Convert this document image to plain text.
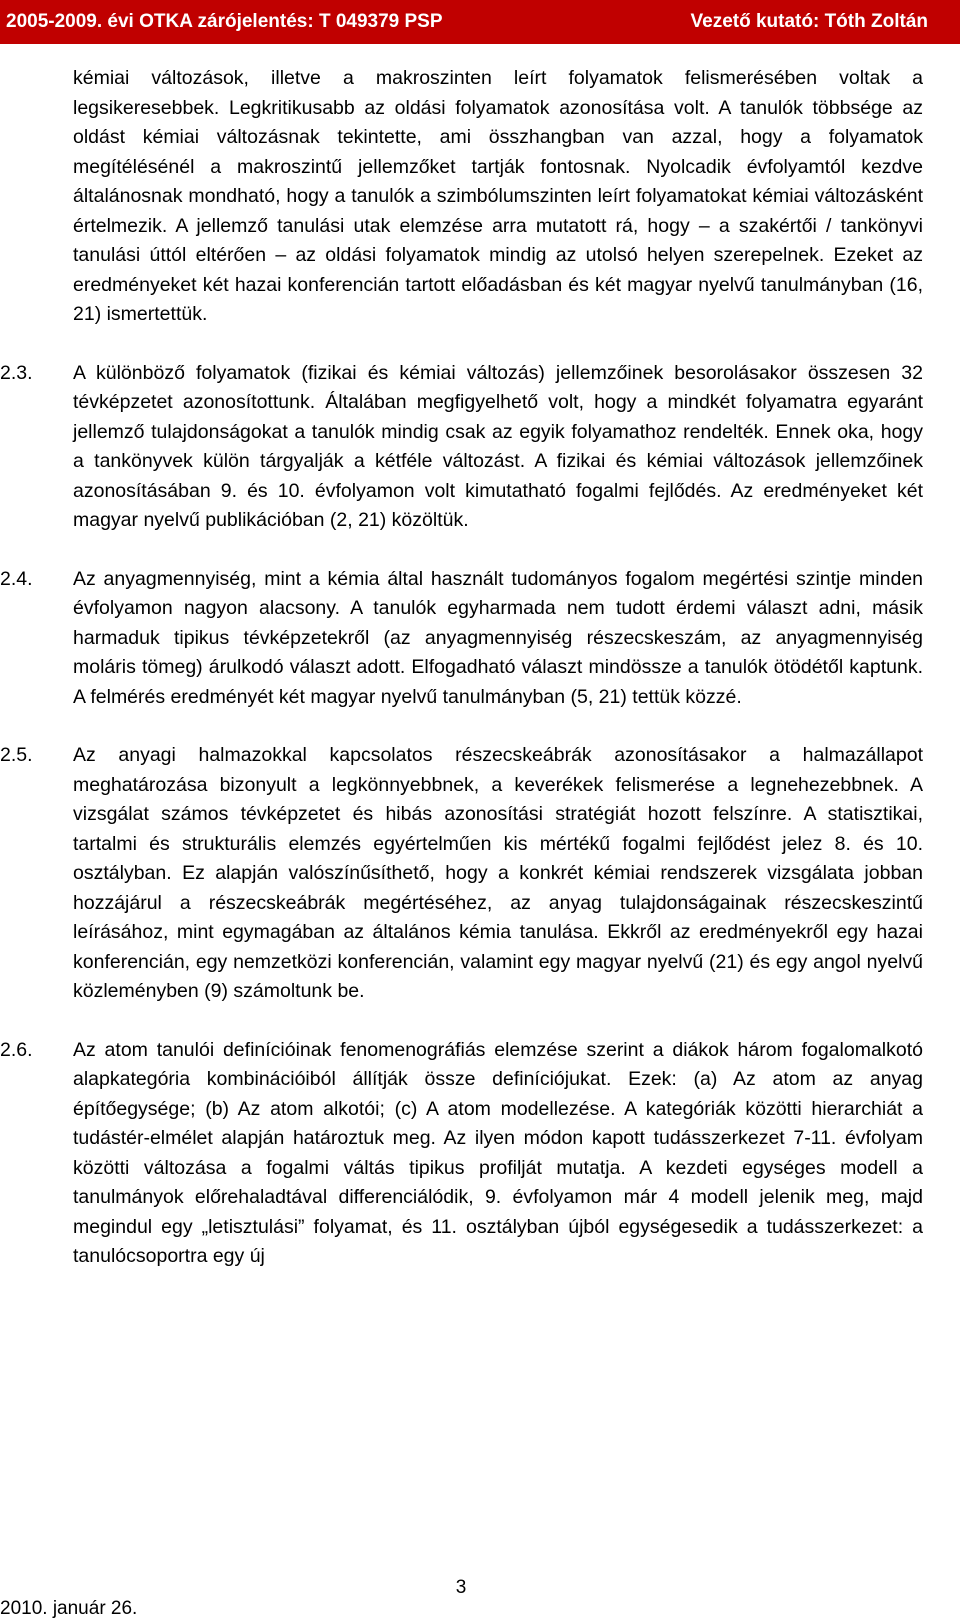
2005-2009. évi OTKA zárójelentés: T 049379 PSP	Vezető kutató: Tóth Zoltán

kémiai változások, illetve a makroszinten leírt folyamatok felismerésében voltak a legsikeresebbek. Legkritikusabb az oldási folyamatok azonosítása volt. A tanulók többsége az oldást kémiai változásnak tekintette, ami összhangban van azzal, hogy a folyamatok megítélésénél a makroszintű jellemzőket tartják fontosnak. Nyolcadik évfolyamtól kezdve általánosnak mondható, hogy a tanulók a szimbólumszinten leírt folyamatokat kémiai változásként értelmezik. A jellemző tanulási utak elemzése arra mutatott rá, hogy – a szakértői / tankönyvi tanulási úttól eltérően – az oldási folyamatok mindig az utolsó helyen szerepelnek. Ezeket az eredményeket két hazai konferencián tartott előadásban és két magyar nyelvű tanulmányban (16, 21) ismertettük.

2.3. A különböző folyamatok (fizikai és kémiai változás) jellemzőinek besorolásakor összesen 32 tévképzetet azonosítottunk. Általában megfigyelhető volt, hogy a mindkét folyamatra egyaránt jellemző tulajdonságokat a tanulók mindig csak az egyik folyamathoz rendelték. Ennek oka, hogy a tankönyvek külön tárgyalják a kétféle változást. A fizikai és kémiai változások jellemzőinek azonosításában 9. és 10. évfolyamon volt kimutatható fogalmi fejlődés. Az eredményeket két magyar nyelvű publikációban (2, 21) közöltük.

2.4. Az anyagmennyiség, mint a kémia által használt tudományos fogalom megértési szintje minden évfolyamon nagyon alacsony. A tanulók egyharmada nem tudott érdemi választ adni, másik harmaduk tipikus tévképzetekről (az anyagmennyiség részecskeszám, az anyagmennyiség moláris tömeg) árulkodó választ adott. Elfogadható választ mindössze a tanulók ötödétől kaptunk. A felmérés eredményét két magyar nyelvű tanulmányban (5, 21) tettük közzé.

2.5. Az anyagi halmazokkal kapcsolatos részecskeábrák azonosításakor a halmazállapot meghatározása bizonyult a legkönnyebbnek, a keverékek felismerése a legnehezebbnek. A vizsgálat számos tévképzetet és hibás azonosítási stratégiát hozott felszínre. A statisztikai, tartalmi és strukturális elemzés egyértelműen kis mértékű fogalmi fejlődést jelez 8. és 10. osztályban. Ez alapján valószínűsíthető, hogy a konkrét kémiai rendszerek vizsgálata jobban hozzájárul a részecskeábrák megértéséhez, az anyag tulajdonságainak részecskeszintű leírásához, mint egymagában az általános kémia tanulása. Ekkről az eredményekről egy hazai konferencián, egy nemzetközi konferencián, valamint egy magyar nyelvű (21) és egy angol nyelvű közleményben (9) számoltunk be.

2.6. Az atom tanulói definícióinak fenomenográfiás elemzése szerint a diákok három fogalomalkotó alapkategória kombinációiból állítják össze definíciójukat. Ezek: (a) Az atom az anyag építőegysége; (b) Az atom alkotói; (c) A atom modellezése. A kategóriák közötti hierarchiát a tudástér-elmélet alapján határoztuk meg. Az ilyen módon kapott tudásszerkezet 7-11. évfolyam közötti változása a fogalmi váltás tipikus profilját mutatja. A kezdeti egységes modell a tanulmányok előrehaladtával differenciálódik, 9. évfolyamon már 4 modell jelenik meg, majd megindul egy „letisztulási” folyamat, és 11. osztályban újból egységesedik a tudásszerkezet: a tanulócsoportra egy új

3
2010. január 26.
